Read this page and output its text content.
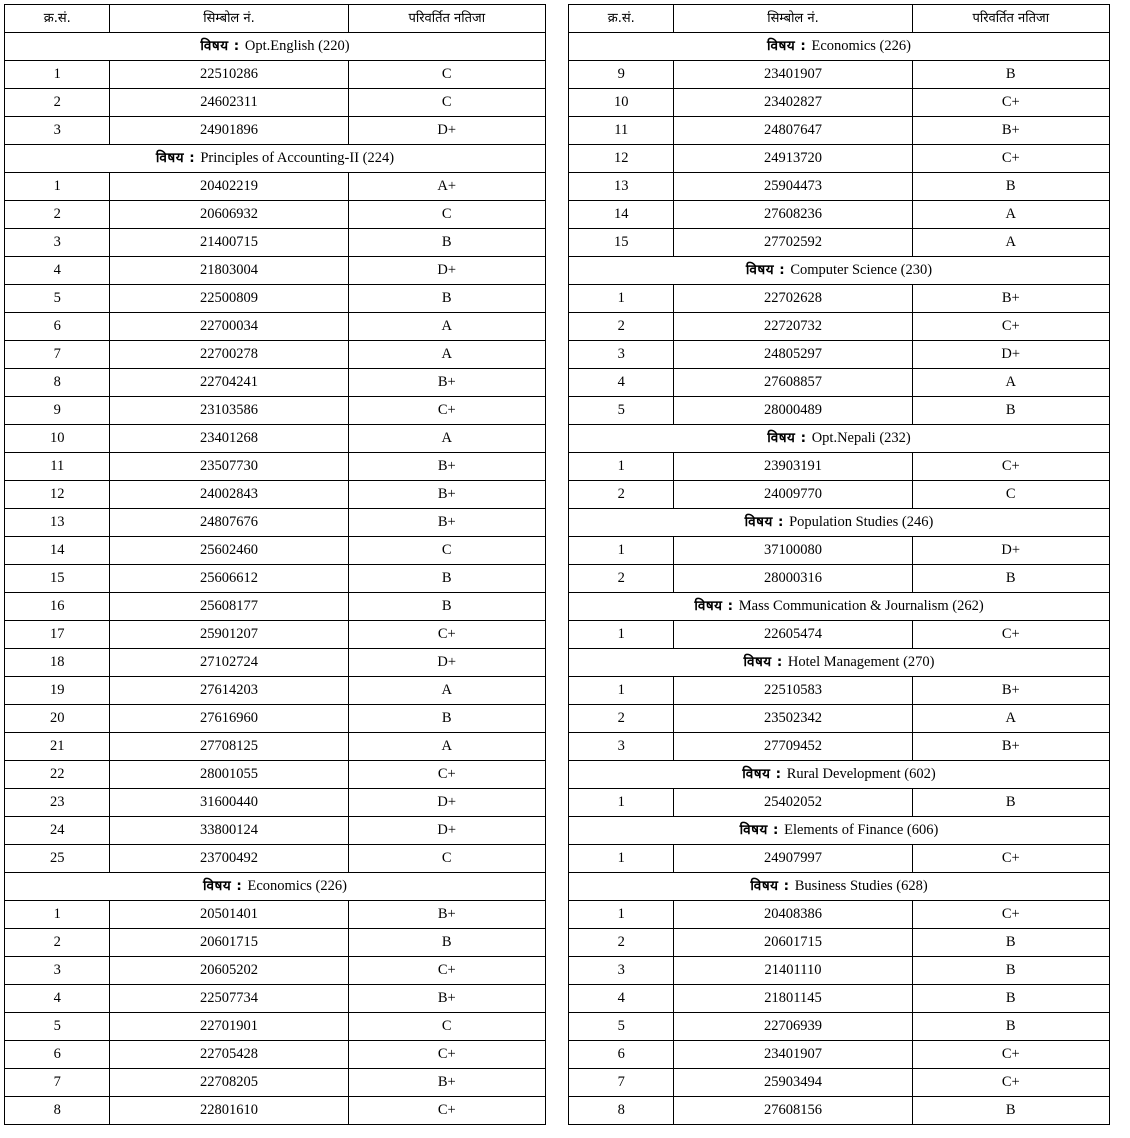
क्र.सं.	सिम्बोल नं.	परिवर्तित नतिजा
विषय : Opt.English (220)		
1	22510286	C
2	24602311	C
3	24901896	D+
विषय : Principles of Accounting-II (224)		
1	20402219	A+
2	20606932	C
3	21400715	B
4	21803004	D+
5	22500809	B
6	22700034	A
7	22700278	A
8	22704241	B+
9	23103586	C+
10	23401268	A
11	23507730	B+
12	24002843	B+
13	24807676	B+
14	25602460	C
15	25606612	B
16	25608177	B
17	25901207	C+
18	27102724	D+
19	27614203	A
20	27616960	B
21	27708125	A
22	28001055	C+
23	31600440	D+
24	33800124	D+
25	23700492	C
विषय : Economics (226)		
1	20501401	B+
2	20601715	B
3	20605202	C+
4	22507734	B+
5	22701901	C
6	22705428	C+
7	22708205	B+
8	22801610	C+
क्र.सं.	सिम्बोल नं.	परिवर्तित नतिजा
विषय : Economics (226)		
9	23401907	B
10	23402827	C+
11	24807647	B+
12	24913720	C+
13	25904473	B
14	27608236	A
15	27702592	A
विषय : Computer Science (230)		
1	22702628	B+
2	22720732	C+
3	24805297	D+
4	27608857	A
5	28000489	B
विषय : Opt.Nepali (232)		
1	23903191	C+
2	24009770	C
विषय : Population Studies (246)		
1	37100080	D+
2	28000316	B
विषय : Mass Communication & Journalism (262)		
1	22605474	C+
विषय : Hotel Management (270)		
1	22510583	B+
2	23502342	A
3	27709452	B+
विषय : Rural Development (602)		
1	25402052	B
विषय : Elements of Finance (606)		
1	24907997	C+
विषय : Business Studies (628)		
1	20408386	C+
2	20601715	B
3	21401110	B
4	21801145	B
5	22706939	B
6	23401907	C+
7	25903494	C+
8	27608156	B
